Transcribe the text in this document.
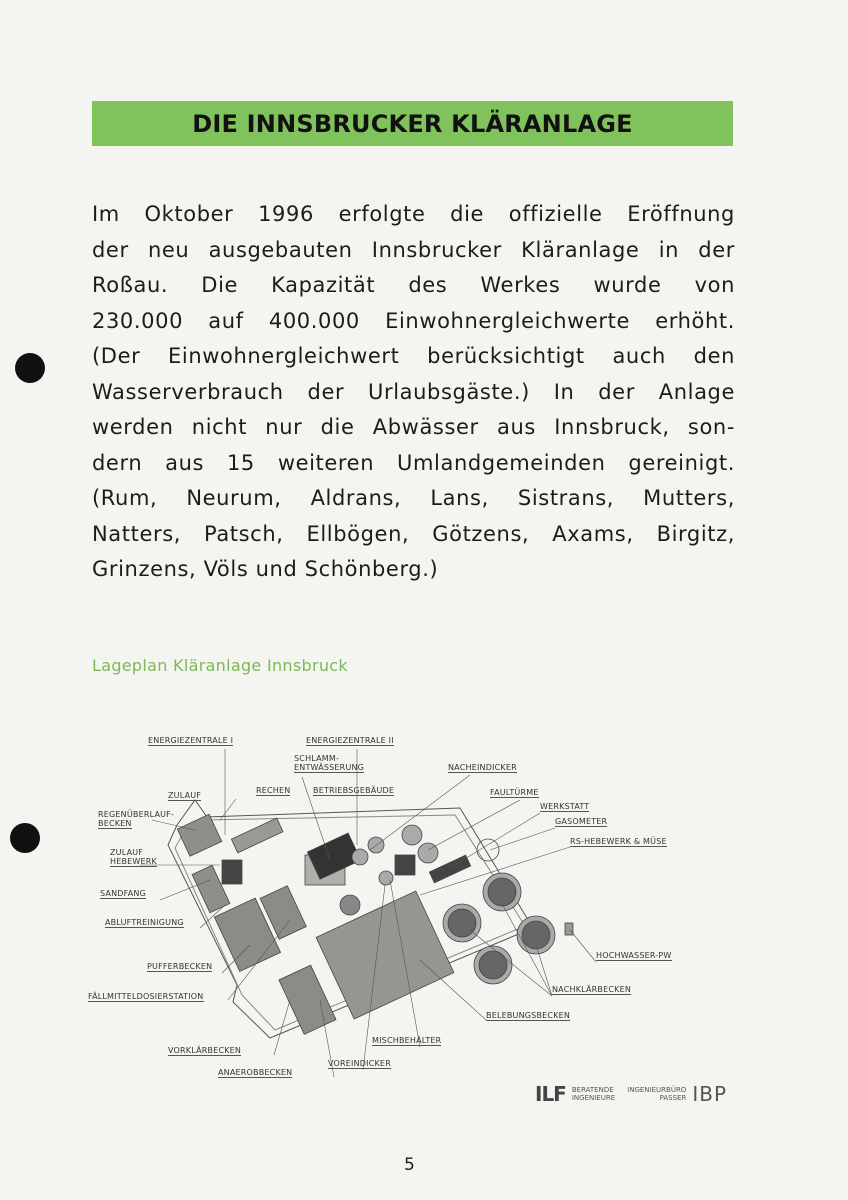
DIE INNSBRUCKER KLÄRANLAGE
Im Oktober 1996 erfolgte die offizielle Eröffnung
der neu ausgebauten Innsbrucker Kläranlage in der
Roßau. Die Kapazität des Werkes wurde von
230.000 auf 400.000 Einwohnergleichwerte erhöht.
(Der Einwohnergleichwert berücksichtigt auch den
Wasserverbrauch der Urlaubsgäste.) In der Anlage
werden nicht nur die Abwässer aus Innsbruck, son-
dern aus 15 weiteren Umlandgemeinden gereinigt.
(Rum, Neurum, Aldrans, Lans, Sistrans, Mutters,
Natters, Patsch, Ellbögen, Götzens, Axams, Birgitz,
Grinzens, Völs und Schönberg.)
Lageplan Kläranlage Innsbruck
ENERGIEZENTRALE I	ENERGIEZENTRALE II
SCHLAMM-
ENTWÄSSERUNG	NACHEINDICKER
RECHEN	BETRIEBSGEBÄUDE	FAULTÜRME
ZULAUF
WERKSTATT
REGENÜBERLAUF-
BECKEN	GASOMETER
RS-HEBEWERK & MÜSE
ZULAUF
HEBEWERK
SANDFANG
ABLUFTREINIGUNG
HOCHWASSER-PW
PUFFERBECKEN
NACHKLÄRBECKEN
FÄLLMITTELDOSIERSTATION
BELEBUNGSBECKEN
MISCHBEHÄLTER
VORKLÄRBECKEN
VOREINDICKER
ANAEROBBECKEN
ILF BERATENDE
INGENIEURE
INGENIEURBÜRO
PASSER IBP
5
